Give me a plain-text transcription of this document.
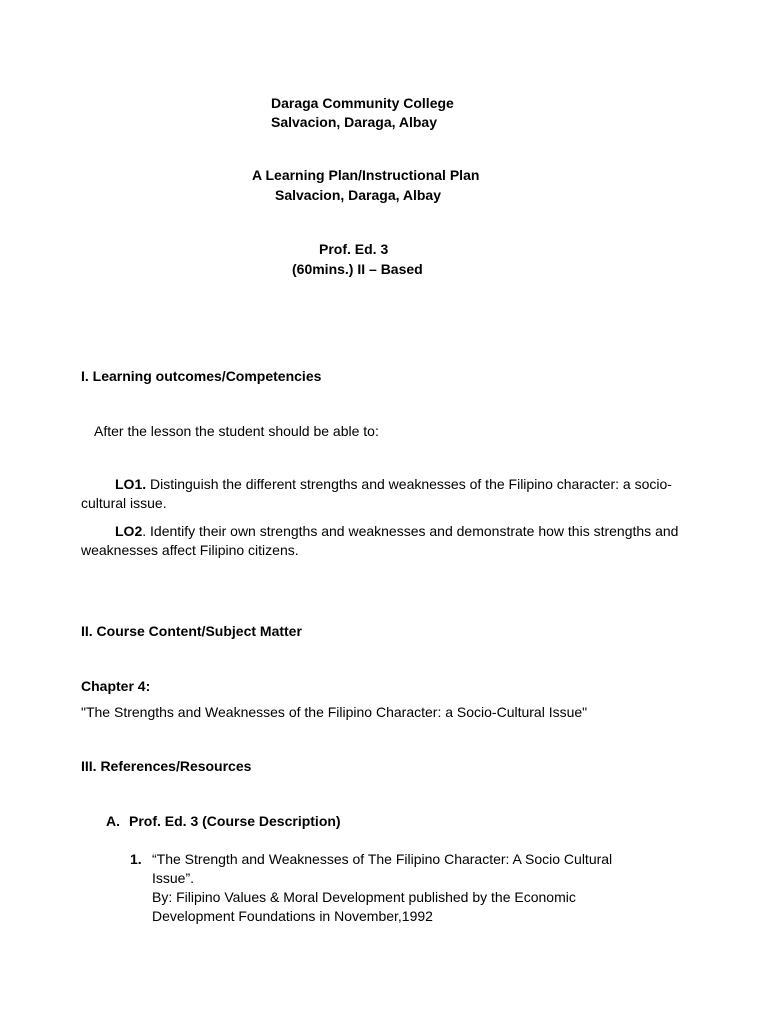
Daraga Community College
Salvacion, Daraga, Albay
A Learning Plan/Instructional Plan
Salvacion, Daraga, Albay
Prof. Ed. 3
(60mins.) II – Based
I. Learning outcomes/Competencies
After the lesson the student should be able to:
LO1. Distinguish the different strengths and weaknesses of the Filipino character: a socio-cultural issue.
LO2. Identify their own strengths and weaknesses and demonstrate how this strengths and weaknesses affect Filipino citizens.
II. Course Content/Subject Matter
Chapter 4:
"The Strengths and Weaknesses of the Filipino Character: a Socio-Cultural Issue"
III. References/Resources
A. Prof. Ed. 3 (Course Description)
1. “The Strength and Weaknesses of The Filipino Character: A Socio Cultural
Issue”.
By: Filipino Values & Moral Development published by the Economic
Development Foundations in November,1992
